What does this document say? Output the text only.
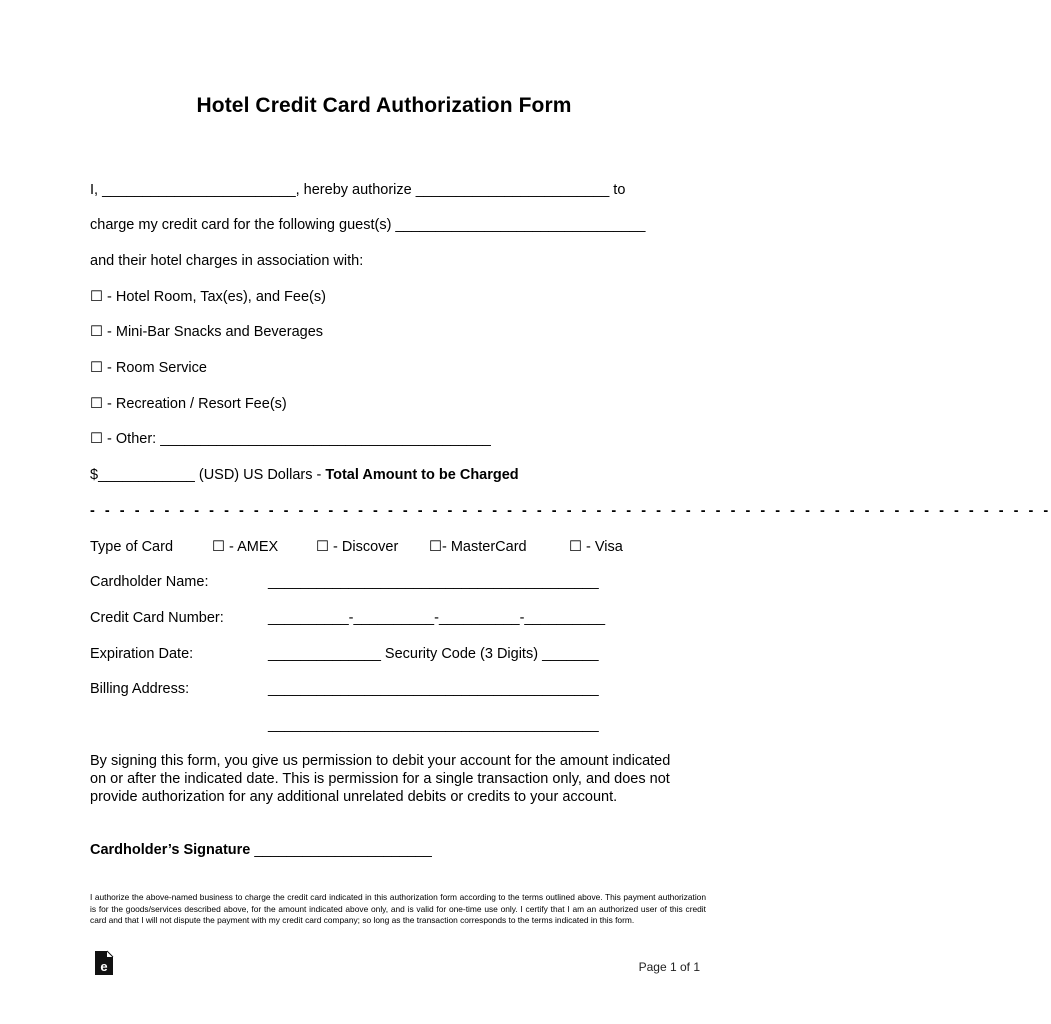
Hotel Credit Card Authorization Form
I, ________________________, hereby authorize ________________________ to
charge my credit card for the following guest(s) _______________________________
and their hotel charges in association with:
☐ - Hotel Room, Tax(es), and Fee(s)
☐ - Mini-Bar Snacks and Beverages
☐ - Room Service
☐ - Recreation / Resort Fee(s)
☐ - Other: _________________________________________
$____________ (USD) US Dollars - Total Amount to be Charged
- - - - - - - - - - - - - - - - - - - - - - - - - - - - - - - - - - - - - - - - - - - - - - - - - - - - - - - - - - - - - - - - -
Type of Card	☐ - AMEX	☐ - Discover ☐- MasterCard	☐ - Visa
Cardholder Name:	_________________________________________
Credit Card Number:	__________-__________-__________-__________
Expiration Date:	______________ Security Code (3 Digits) _______
Billing Address:	_________________________________________
_________________________________________
By signing this form, you give us permission to debit your account for the amount indicated on or after the indicated date. This is permission for a single transaction only, and does not provide authorization for any additional unrelated debits or credits to your account.
Cardholder’s Signature ______________________
I authorize the above-named business to charge the credit card indicated in this authorization form according to the terms outlined above. This payment authorization is for the goods/services described above, for the amount indicated above only, and is valid for one-time use only. I certify that I am an authorized user of this credit card and that I will not dispute the payment with my credit card company; so long as the transaction corresponds to the terms indicated in this form.
e	Page 1 of 1
